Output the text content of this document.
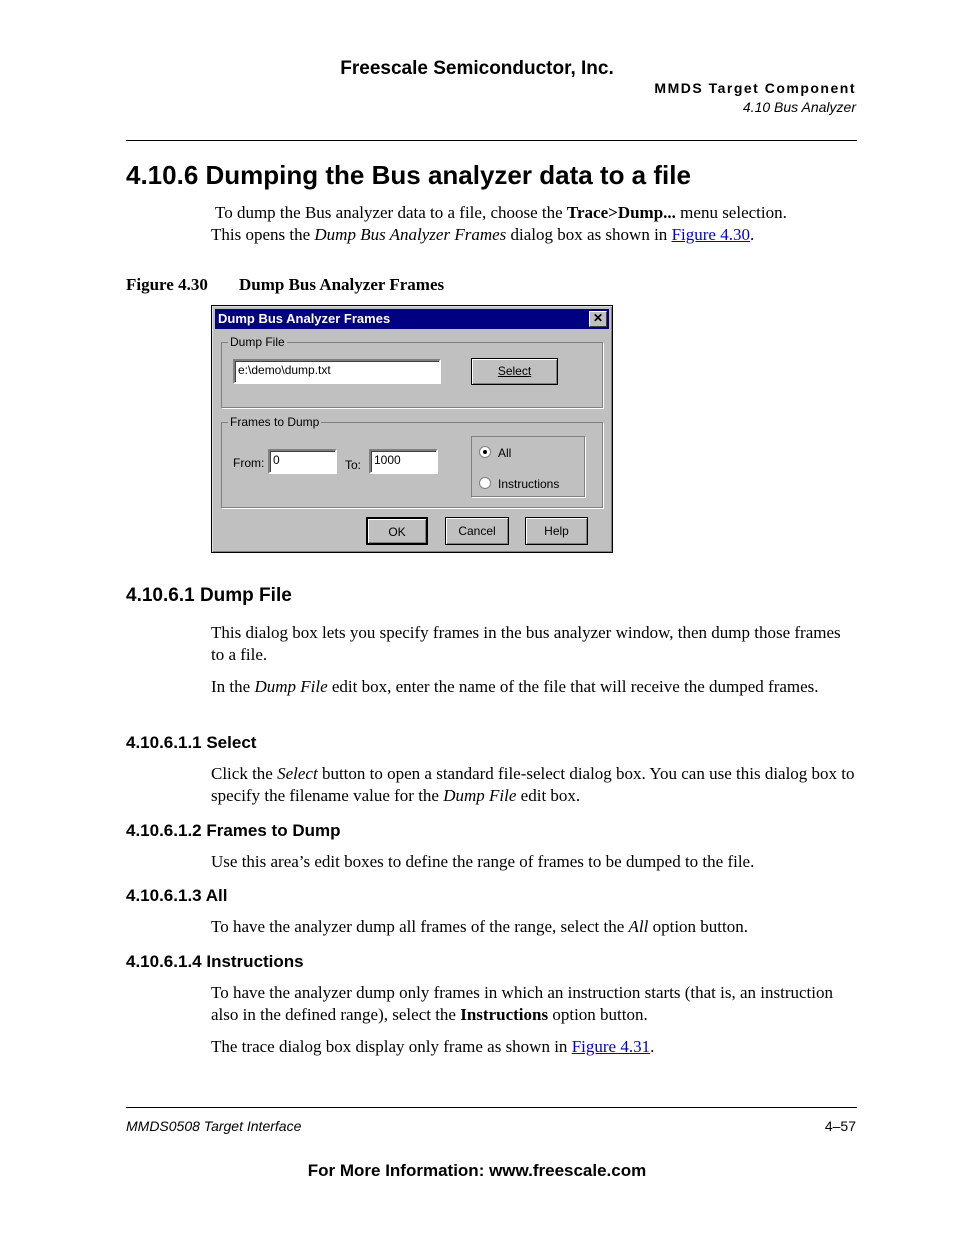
Freescale Semiconductor, Inc.
MMDS Target Component
4.10 Bus Analyzer
4.10.6 Dumping the Bus analyzer data to a file
To dump the Bus analyzer data to a file, choose the Trace>Dump... menu selection.
This opens the Dump Bus Analyzer Frames dialog box as shown in Figure 4.30.
Figure 4.30 Dump Bus Analyzer Frames
Dump Bus Analyzer Frames	✕
Dump File
e:\demo\dump.txt	Select
Frames to Dump
From: 0	To:	1000	All
Instructions
OK	Cancel	Help
4.10.6.1 Dump File
This dialog box lets you specify frames in the bus analyzer window, then dump those frames to a file.
In the Dump File edit box, enter the name of the file that will receive the dumped frames.
4.10.6.1.1 Select
Click the Select button to open a standard file-select dialog box. You can use this dialog box to specify the filename value for the Dump File edit box.
4.10.6.1.2 Frames to Dump
Use this area’s edit boxes to define the range of frames to be dumped to the file.
4.10.6.1.3 All
To have the analyzer dump all frames of the range, select the All option button.
4.10.6.1.4 Instructions
To have the analyzer dump only frames in which an instruction starts (that is, an instruction also in the defined range), select the Instructions option button.
The trace dialog box display only frame as shown in Figure 4.31.
MMDS0508 Target Interface	4–57
For More Information: www.freescale.com
